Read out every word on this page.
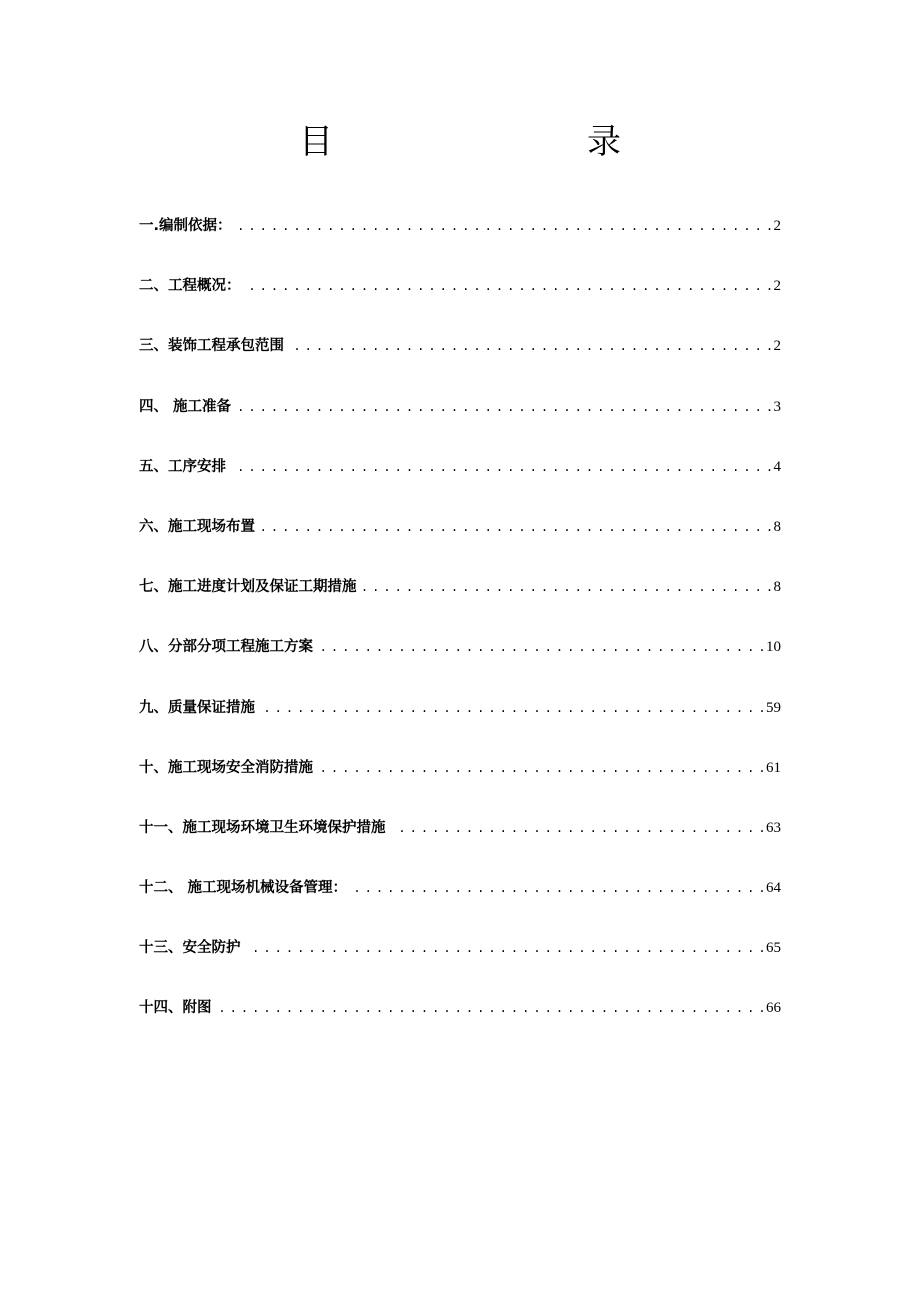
目　　录
一.编制依据： . . .	2
二、工程概况： . . .	2
三、装饰工程承包范围 . . .	2
四、 施工准备 . . .	3
五、工序安排 . . .	4
六、施工现场布置 . . .	8
七、施工进度计划及保证工期措施 . . .	8
八、分部分项工程施工方案 . . .	10
九、质量保证措施 . . .	59
十、施工现场安全消防措施 . . .	61
十一、施工现场环境卫生环境保护措施 . . .	63
十二、 施工现场机械设备管理： . . .	64
十三、安全防护 . . .	65
十四、附图 . . .	66
